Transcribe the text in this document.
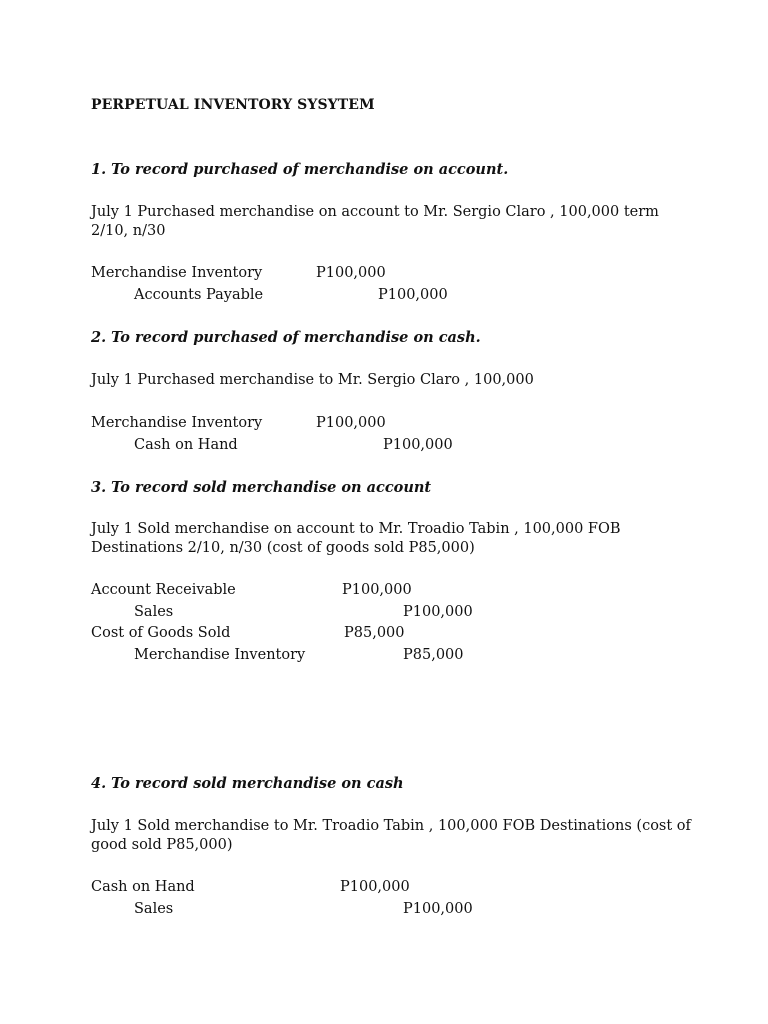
PERPETUAL INVENTORY SYSYTEM
1. To record purchased of merchandise on account.
July 1 Purchased merchandise on account to Mr. Sergio Claro , 100,000 term 2/10, n/30
Merchandise Inventory	P100,000
Accounts Payable	P100,000
2. To record purchased of merchandise on cash.
July 1 Purchased merchandise to Mr. Sergio Claro , 100,000
Merchandise Inventory	P100,000
Cash on Hand	P100,000
3. To record sold merchandise on account
July 1 Sold merchandise on account to Mr. Troadio Tabin , 100,000 FOB Destinations 2/10, n/30 (cost of goods sold P85,000)
Account Receivable	P100,000
Sales	P100,000
Cost of Goods Sold	P85,000
Merchandise Inventory	P85,000
4. To record sold merchandise on cash
July 1 Sold merchandise to Mr. Troadio Tabin , 100,000 FOB Destinations (cost of good sold P85,000)
Cash on Hand	P100,000
Sales	P100,000
